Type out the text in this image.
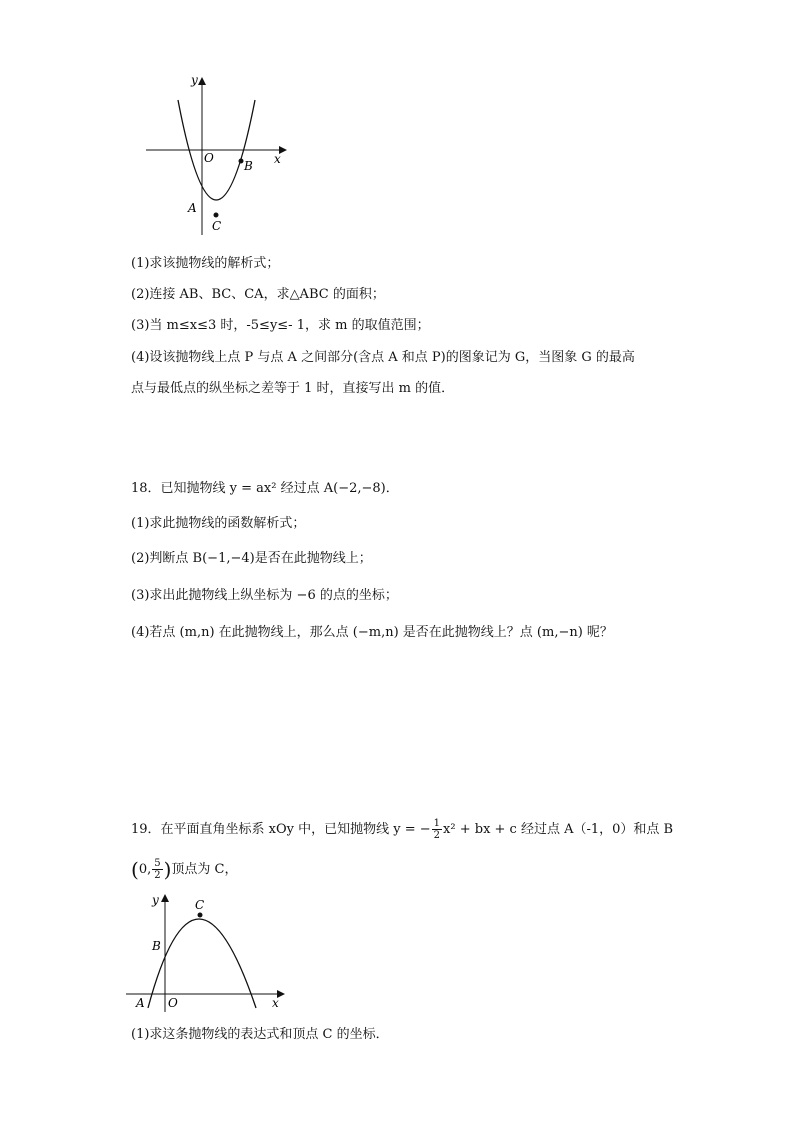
y
x
O
A
B
C
(1)求该抛物线的解析式；
(2)连接 AB、BC、CA，求△ABC 的面积；
(3)当 m≤x≤3 时，-5≤y≤- 1，求 m 的取值范围；
(4)设该抛物线上点 P 与点 A 之间部分(含点 A 和点 P)的图象记为 G，当图象 G 的最高
点与最低点的纵坐标之差等于 1 时，直接写出 m 的值．
18．已知抛物线 y = ax² 经过点 A(−2,−8)．
(1)求此抛物线的函数解析式；
(2)判断点 B(−1,−4)是否在此抛物线上；
(3)求出此抛物线上纵坐标为 −6 的点的坐标；
(4)若点 (m,n) 在此抛物线上，那么点 (−m,n) 是否在此抛物线上？点 (m,−n) 呢？
19．在平面直角坐标系 xOy 中，已知抛物线 y = − $\frac{1}{2} x^2$ + bx + c 经过点 A（-1，0）和点 B
(0, $\frac{5}{2}$ )顶点为 C，
y
x
O
A
B
C
(1)求这条抛物线的表达式和顶点 C 的坐标．
